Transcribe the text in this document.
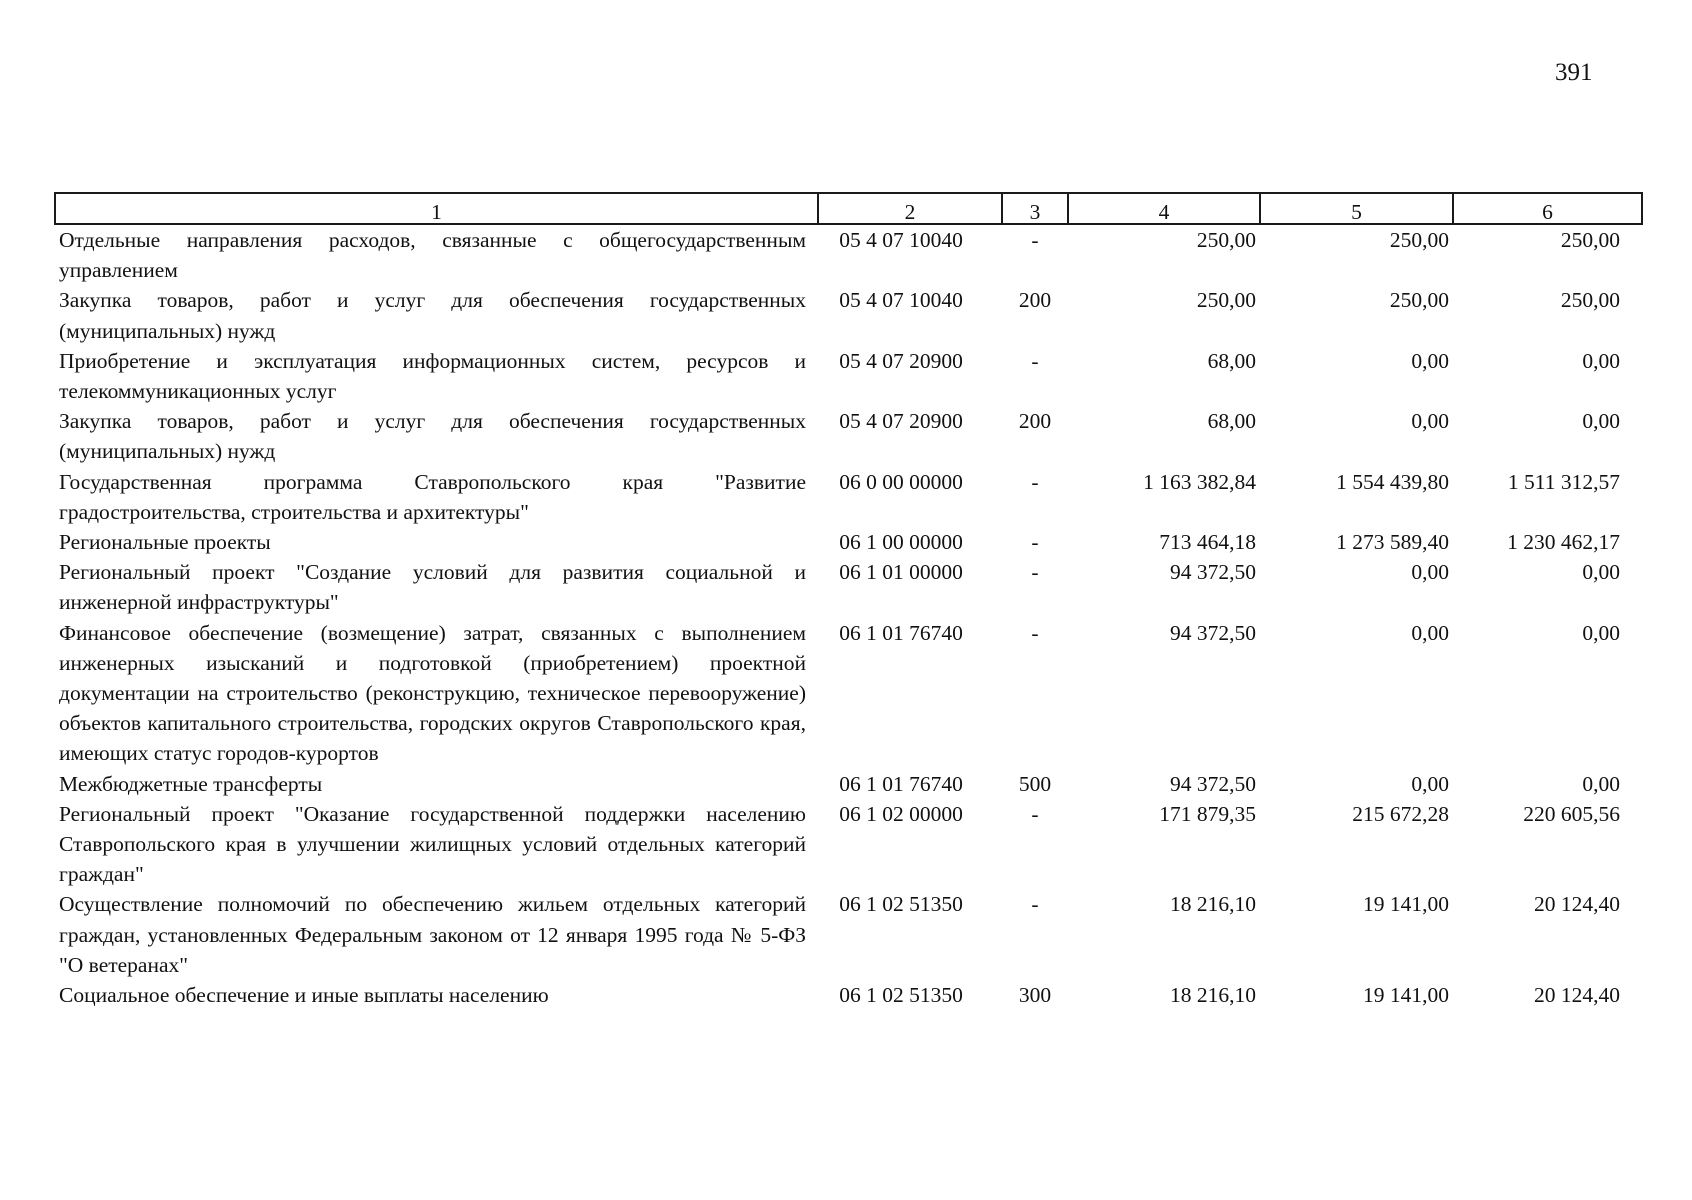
391
1	2	3	4	5	6
Отдельные направления расходов, связанные с общегосударственным управлением	05 4 07 10040	-	250,00	250,00	250,00
Закупка товаров, работ и услуг для обеспечения государственных (муниципальных) нужд	05 4 07 10040	200	250,00	250,00	250,00
Приобретение и эксплуатация информационных систем, ресурсов и телекоммуникационных услуг	05 4 07 20900	-	68,00	0,00	0,00
Закупка товаров, работ и услуг для обеспечения государственных (муниципальных) нужд	05 4 07 20900	200	68,00	0,00	0,00
Государственная программа Ставропольского края "Развитие градостроительства, строительства и архитектуры"	06 0 00 00000	-	1 163 382,84	1 554 439,80	1 511 312,57
Региональные проекты	06 1 00 00000	-	713 464,18	1 273 589,40	1 230 462,17
Региональный проект "Создание условий для развития социальной и инженерной инфраструктуры"	06 1 01 00000	-	94 372,50	0,00	0,00
Финансовое обеспечение (возмещение) затрат, связанных с выполнением инженерных изысканий и подготовкой (приобретением) проектной документации на строительство (реконструкцию, техническое перевооружение) объектов капитального строительства, городских округов Ставропольского края, имеющих статус городов-курортов	06 1 01 76740	-	94 372,50	0,00	0,00
Межбюджетные трансферты	06 1 01 76740	500	94 372,50	0,00	0,00
Региональный проект "Оказание государственной поддержки населению Ставропольского края в улучшении жилищных условий отдельных категорий граждан"	06 1 02 00000	-	171 879,35	215 672,28	220 605,56
Осуществление полномочий по обеспечению жильем отдельных категорий граждан, установленных Федеральным законом от 12 января 1995 года № 5-ФЗ "О ветеранах"	06 1 02 51350	-	18 216,10	19 141,00	20 124,40
Социальное обеспечение и иные выплаты населению	06 1 02 51350	300	18 216,10	19 141,00	20 124,40
